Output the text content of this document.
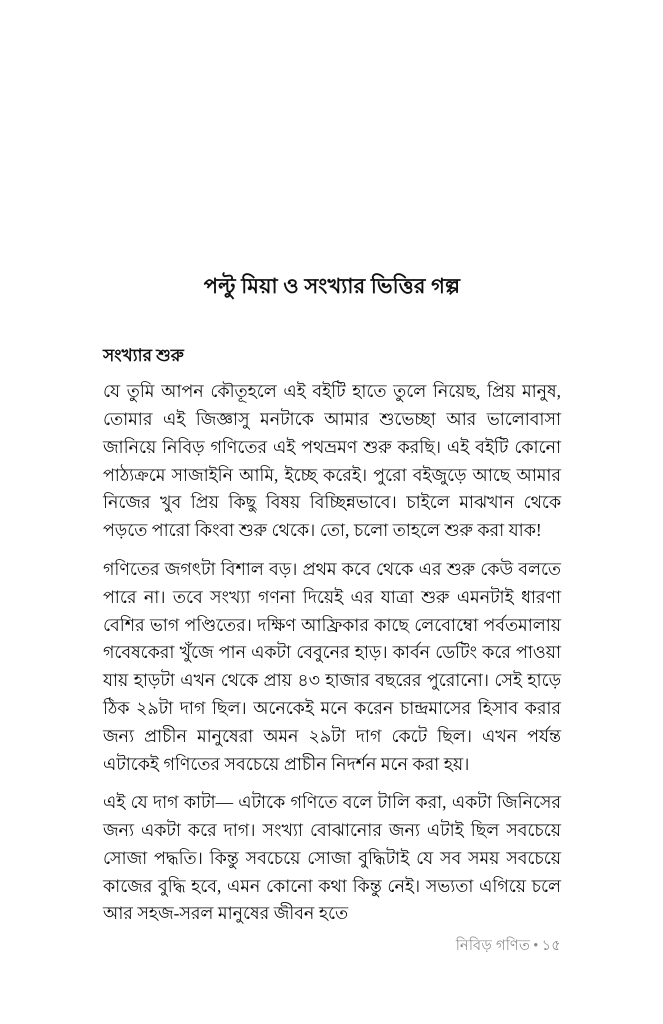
পল্টু মিয়া ও সংখ্যার ভিত্তির গল্প
সংখ্যার শুরু

যে তুমি আপন কৌতূহলে এই বইটি হাতে তুলে নিয়েছ, প্রিয় মানুষ, তোমার এই জিজ্ঞাসু মনটাকে আমার শুভেচ্ছা আর ভালোবাসা জানিয়ে নিবিড় গণিতের এই পথভ্রমণ শুরু করছি। এই বইটি কোনো পাঠ্যক্রমে সাজাইনি আমি, ইচ্ছে করেই। পুরো বইজুড়ে আছে আমার নিজের খুব প্রিয় কিছু বিষয় বিচ্ছিন্নভাবে। চাইলে মাঝখান থেকে পড়তে পারো কিংবা শুরু থেকে। তো, চলো তাহলে শুরু করা যাক!

গণিতের জগৎটা বিশাল বড়। প্রথম কবে থেকে এর শুরু কেউ বলতে পারে না। তবে সংখ্যা গণনা দিয়েই এর যাত্রা শুরু এমনটাই ধারণা বেশির ভাগ পণ্ডিতের। দক্ষিণ আফ্রিকার কাছে লেবোম্বো পর্বতমালায় গবেষকেরা খুঁজে পান একটা বেবুনের হাড়। কার্বন ডেটিং করে পাওয়া যায় হাড়টা এখন থেকে প্রায় ৪৩ হাজার বছরের পুরোনো। সেই হাড়ে ঠিক ২৯টা দাগ ছিল। অনেকেই মনে করেন চান্দ্রমাসের হিসাব করার জন্য প্রাচীন মানুষেরা অমন ২৯টা দাগ কেটে ছিল। এখন পর্যন্ত এটাকেই গণিতের সবচেয়ে প্রাচীন নিদর্শন মনে করা হয়।

এই যে দাগ কাটা— এটাকে গণিতে বলে টালি করা, একটা জিনিসের জন্য একটা করে দাগ। সংখ্যা বোঝানোর জন্য এটাই ছিল সবচেয়ে সোজা পদ্ধতি। কিন্তু সবচেয়ে সোজা বুদ্ধিটাই যে সব সময় সবচেয়ে কাজের বুদ্ধি হবে, এমন কোনো কথা কিন্তু নেই। সভ্যতা এগিয়ে চলে আর সহজ-সরল মানুষের জীবন হতে

নিবিড় গণিত • ১৫
